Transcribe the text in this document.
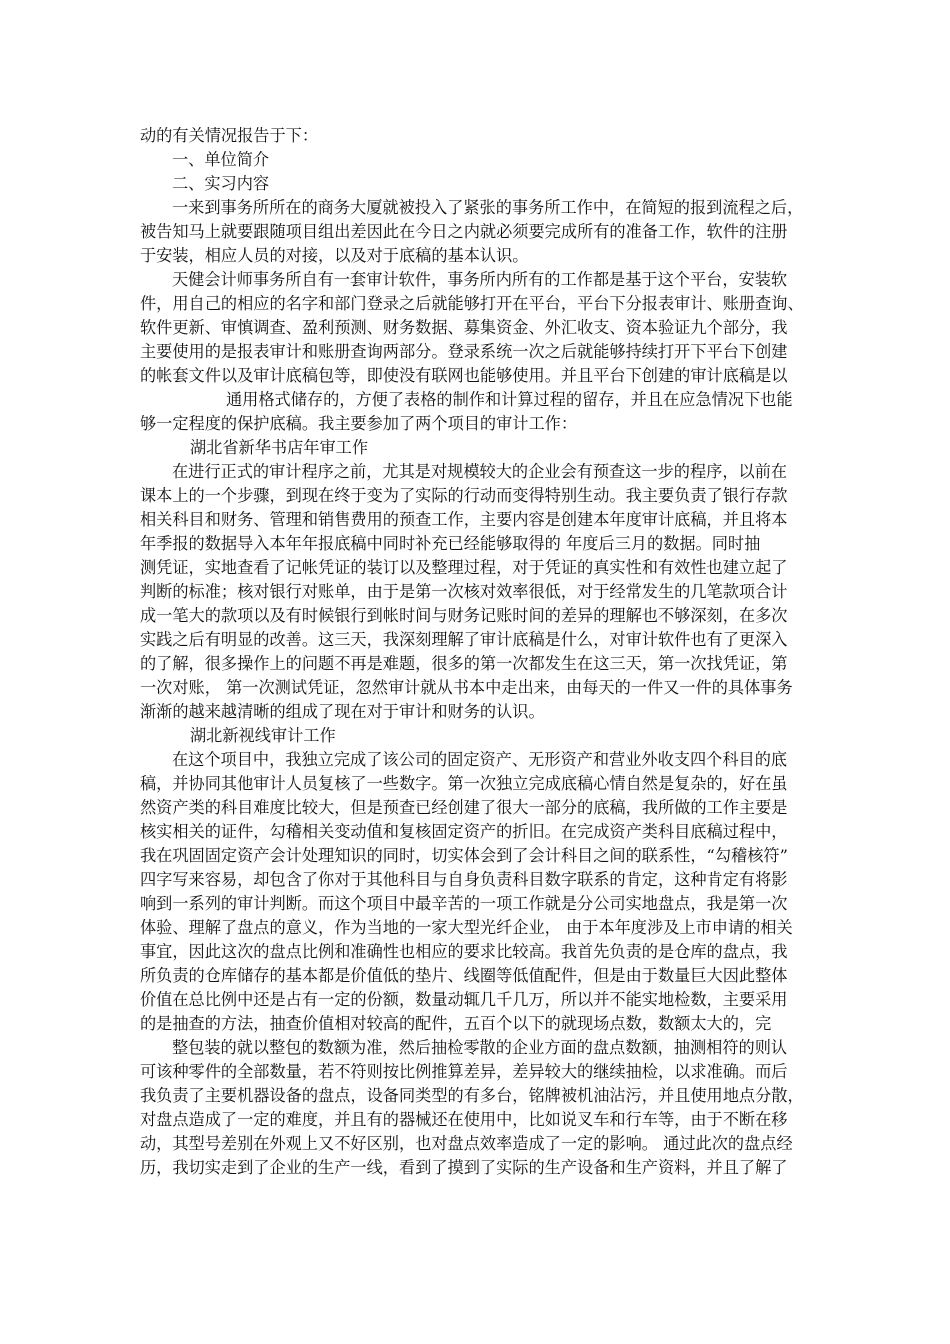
动的有关情况报告于下：
一、单位简介
二、实习内容
一来到事务所所在的商务大厦就被投入了紧张的事务所工作中，在简短的报到流程之后，
被告知马上就要跟随项目组出差因此在今日之内就必须要完成所有的准备工作，软件的注册
于安装，相应人员的对接，以及对于底稿的基本认识。
天健会计师事务所自有一套审计软件，事务所内所有的工作都是基于这个平台，安装软
件，用自己的相应的名字和部门登录之后就能够打开在平台，平台下分报表审计、账册查询、
软件更新、审慎调查、盈利预测、财务数据、募集资金、外汇收支、资本验证九个部分，我
主要使用的是报表审计和账册查询两部分。登录系统一次之后就能够持续打开下平台下创建
的帐套文件以及审计底稿包等，即使没有联网也能够使用。并且平台下创建的审计底稿是以
通用格式储存的，方便了表格的制作和计算过程的留存，并且在应急情况下也能
够一定程度的保护底稿。我主要参加了两个项目的审计工作：
湖北省新华书店年审工作
在进行正式的审计程序之前，尤其是对规模较大的企业会有预查这一步的程序，以前在
课本上的一个步骤，到现在终于变为了实际的行动而变得特别生动。我主要负责了银行存款
相关科目和财务、管理和销售费用的预查工作，主要内容是创建本年度审计底稿，并且将本
年季报的数据导入本年年报底稿中同时补充已经能够取得的 年度后三月的数据。同时抽
测凭证，实地查看了记帐凭证的装订以及整理过程，对于凭证的真实性和有效性也建立起了
判断的标准；核对银行对账单，由于是第一次核对效率很低，对于经常发生的几笔款项合计
成一笔大的款项以及有时候银行到帐时间与财务记账时间的差异的理解也不够深刻，在多次
实践之后有明显的改善。这三天，我深刻理解了审计底稿是什么，对审计软件也有了更深入
的了解，很多操作上的问题不再是难题，很多的第一次都发生在这三天，第一次找凭证，第
一次对账， 第一次测试凭证，忽然审计就从书本中走出来，由每天的一件又一件的具体事务
渐渐的越来越清晰的组成了现在对于审计和财务的认识。
湖北新视线审计工作
在这个项目中，我独立完成了该公司的固定资产、无形资产和营业外收支四个科目的底
稿，并协同其他审计人员复核了一些数字。第一次独立完成底稿心情自然是复杂的，好在虽
然资产类的科目难度比较大，但是预查已经创建了很大一部分的底稿，我所做的工作主要是
核实相关的证件，勾稽相关变动值和复核固定资产的折旧。在完成资产类科目底稿过程中，
我在巩固固定资产会计处理知识的同时，切实体会到了会计科目之间的联系性，“勾稽核符”
四字写来容易，却包含了你对于其他科目与自身负责科目数字联系的肯定，这种肯定有将影
响到一系列的审计判断。而这个项目中最辛苦的一项工作就是分公司实地盘点，我是第一次
体验、理解了盘点的意义，作为当地的一家大型光纤企业， 由于本年度涉及上市申请的相关
事宜，因此这次的盘点比例和准确性也相应的要求比较高。我首先负责的是仓库的盘点，我
所负责的仓库储存的基本都是价值低的垫片、线圈等低值配件，但是由于数量巨大因此整体
价值在总比例中还是占有一定的份额，数量动辄几千几万，所以并不能实地检数，主要采用
的是抽查的方法，抽查价值相对较高的配件，五百个以下的就现场点数，数额太大的，完
整包装的就以整包的数额为准，然后抽检零散的企业方面的盘点数额，抽测相符的则认
可该种零件的全部数量，若不符则按比例推算差异，差异较大的继续抽检，以求准确。而后
我负责了主要机器设备的盘点，设备同类型的有多台，铭牌被机油沾污，并且使用地点分散，
对盘点造成了一定的难度，并且有的器械还在使用中，比如说叉车和行车等，由于不断在移
动，其型号差别在外观上又不好区别，也对盘点效率造成了一定的影响。 通过此次的盘点经
历，我切实走到了企业的生产一线，看到了摸到了实际的生产设备和生产资料，并且了解了
